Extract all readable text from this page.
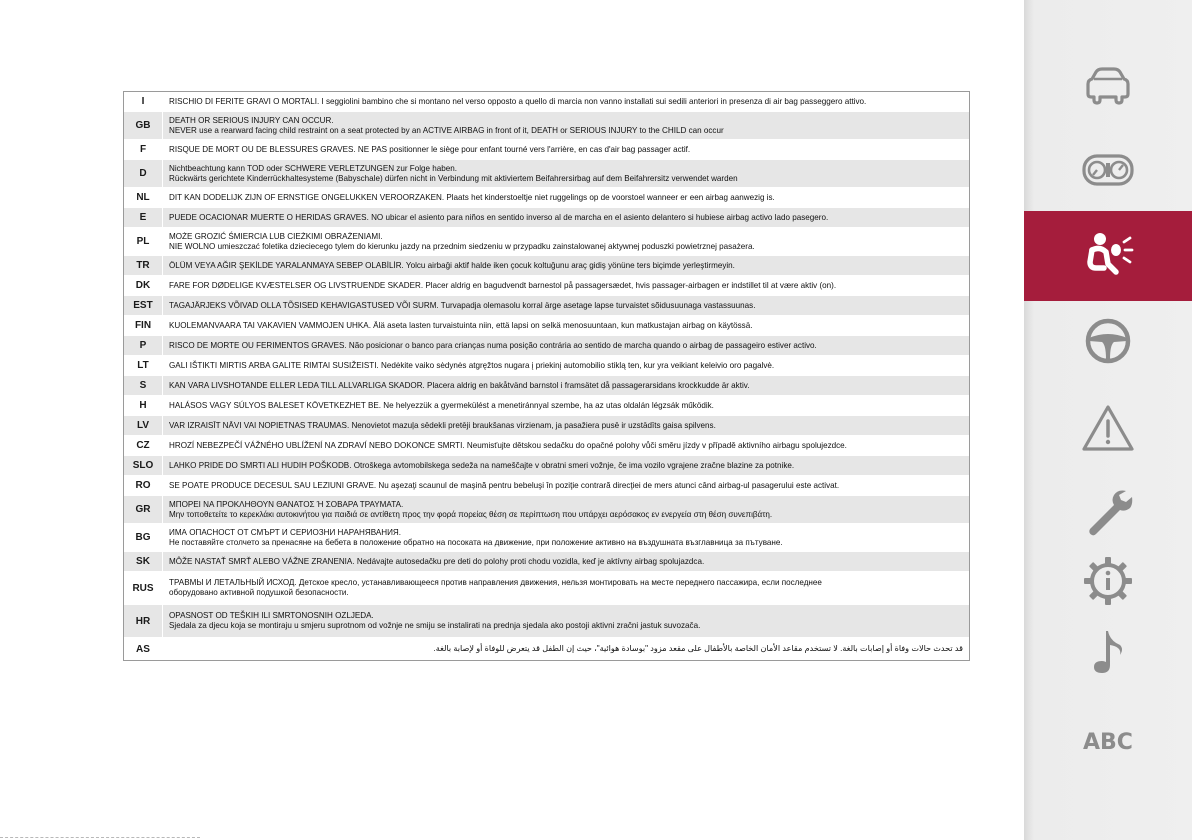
I	RISCHIO DI FERITE GRAVI O MORTALI. I seggiolini bambino che si montano nel verso opposto a quello di marcia non vanno installati sui sedili anteriori in presenza di air bag passeggero attivo.
GB	DEATH OR SERIOUS INJURY CAN OCCUR.
NEVER use a rearward facing child restraint on a seat protected by an ACTIVE AIRBAG in front of it, DEATH or SERIOUS INJURY to the CHILD can occur
F	RISQUE DE MORT OU DE BLESSURES GRAVES. NE PAS positionner le siège pour enfant tourné vers l'arrière, en cas d'air bag passager actif.
D	Nichtbeachtung kann TOD oder SCHWERE VERLETZUNGEN zur Folge haben.
Rückwärts gerichtete Kinderrückhaltesysteme (Babyschale) dürfen nicht in Verbindung mit aktiviertem Beifahrersirbag auf dem Beifahrersitz verwendet warden
NL	DIT KAN DODELIJK ZIJN OF ERNSTIGE ONGELUKKEN VEROORZAKEN. Plaats het kinderstoeltje niet ruggelings op de voorstoel wanneer er een airbag aanwezig is.
E	PUEDE OCACIONAR MUERTE O HERIDAS GRAVES. NO ubicar el asiento para niños en sentido inverso al de marcha en el asiento delantero si hubiese airbag activo lado pasegero.
PL	MOŻE GROZIĆ ŚMIERCIA LUB CIEŻKIMI OBRAŻENIAMI.
NIE WOLNO umieszczać foletika dzieciecego tylem do kierunku jazdy na przednim siedzeniu w przypadku zainstalowanej aktywnej poduszki powietrznej pasażera.
TR	ÖLÜM VEYA AĞIR ŞEKİLDE YARALANMAYA SEBEP OLABİLİR. Yolcu airbaği aktif halde iken çocuk koltuğunu araç gidiş yönüne ters biçimde yerleştirmeyin.
DK	FARE FOR DØDELIGE KVÆSTELSER OG LIVSTRUENDE SKADER. Placer aldrig en bagudvendt barnestol på passagersædet, hvis passager-airbagen er indstillet til at være aktiv (on).
EST	TAGAJÄRJEKS VÕIVAD OLLA TÕSISED KEHAVIGASTUSED VÕI SURM. Turvapadja olemasolu korral ärge asetage lapse turvaistet sõidusuunaga vastassuunas.
FIN	KUOLEMANVAARA TAI VAKAVIEN VAMMOJEN UHKA. Älä aseta lasten turvaistuinta niin, että lapsi on selkä menosuuntaan, kun matkustajan airbag on käytössä.
P	RISCO DE MORTE OU FERIMENTOS GRAVES. Não posicionar o banco para crianças numa posição contrária ao sentido de marcha quando o airbag de passageiro estiver activo.
LT	GALI IŠTIKTI MIRTIS ARBA GALITE RIMTAI SUSIŽEISTI. Nedėkite vaiko sėdynės atgręžtos nugara į priekinį automobilio stiklą ten, kur yra veikiant keleivio oro pagalvė.
S	KAN VARA LIVSHOTANDE ELLER LEDA TILL ALLVARLIGA SKADOR. Placera aldrig en bakåtvänd barnstol i framsätet då passagerarsidans krockkudde är aktiv.
H	HALÁSOS VAGY SÚLYOS BALESET KÖVETKEZHET BE. Ne helyezzük a gyermekülést a menetiránnyal szembe, ha az utas oldalán légzsák működik.
LV	VAR IZRAISĪT NĀVI VAI NOPIETNAS TRAUMAS. Nenovietot mazuļa sēdekli pretēji braukšanas virzienam, ja pasažiera pusē ir uzstādīts gaisa spilvens.
CZ	HROZÍ NEBEZPEČÍ VÁŽNÉHO UBLÍŽENÍ NA ZDRAVÍ NEBO DOKONCE SMRTI. Neumisťujte dětskou sedačku do opačné polohy vůči směru jízdy v případě aktivního airbagu spolujezdce.
SLO	LAHKO PRIDE DO SMRTI ALI HUDIH POŠKODB. Otroškega avtomobilskega sedeža na nameščajte v obratni smeri vožnje, če ima vozilo vgrajene zračne blazine za potnike.
RO	SE POATE PRODUCE DECESUL SAU LEZIUNI GRAVE. Nu aşezaţi scaunul de maşină pentru bebeluşi în poziţie contrară direcţiei de mers atunci când airbag-ul pasagerului este activat.
GR	ΜΠΟΡΕΙ ΝΑ ΠΡΟΚΛΗΘΟΥΝ ΘΑΝΑΤΟΣ Ή ΣΟΒΑΡΑ ΤΡΑΥΜΑΤΑ.
Μην τοποθετείτε το κερεκλάκι αυτοκινήτου για παιδιά σε αντίθετη προς την φορά πορείας θέση σε περίπτωση που υπάρχει αερόσακος εν ενεργεία στη θέση συνεπιβάτη.
BG	ИМА ОПАСНОСТ ОТ СМЪРТ И СЕРИОЗНИ НАРАНЯВАНИЯ.
Не поставяйте столчето за пренасяне на бебета в положение обратно на посоката на движение, при положение активно на въздушната възглавница за пътуване.
SK	MÔŽE NASTAŤ SMRŤ ALEBO VÁŽNE ZRANENIA. Nedávajte autosedačku pre deti do polohy proti chodu vozidla, keď je aktívny airbag spolujazdca.
RUS	ТРАВМЫ И ЛЕТАЛЬНЫЙ ИСХОД. Детское кресло, устанавливающееся против направления движения, нельзя монтировать на месте переднего пассажира, если последнее
оборудовано активной подушкой безопасности.
HR	OPASNOST OD TEŠKIH ILI SMRTONOSNIH OZLJEDA.
Sjedala za djecu koja se montiraju u smjeru suprotnom od vožnje ne smiju se instalirati na prednja sjedala ako postoji aktivni zračni jastuk suvozača.
AS	قد تحدث حالات وفاة أو إصابات بالغة. لا تستخدم مقاعد الأمان الخاصة بالأطفال على مقعد مزود "بوسادة هوائية"، حيث إن الطفل قد يتعرض للوفاة أو لإصابة بالغة.
ABC
